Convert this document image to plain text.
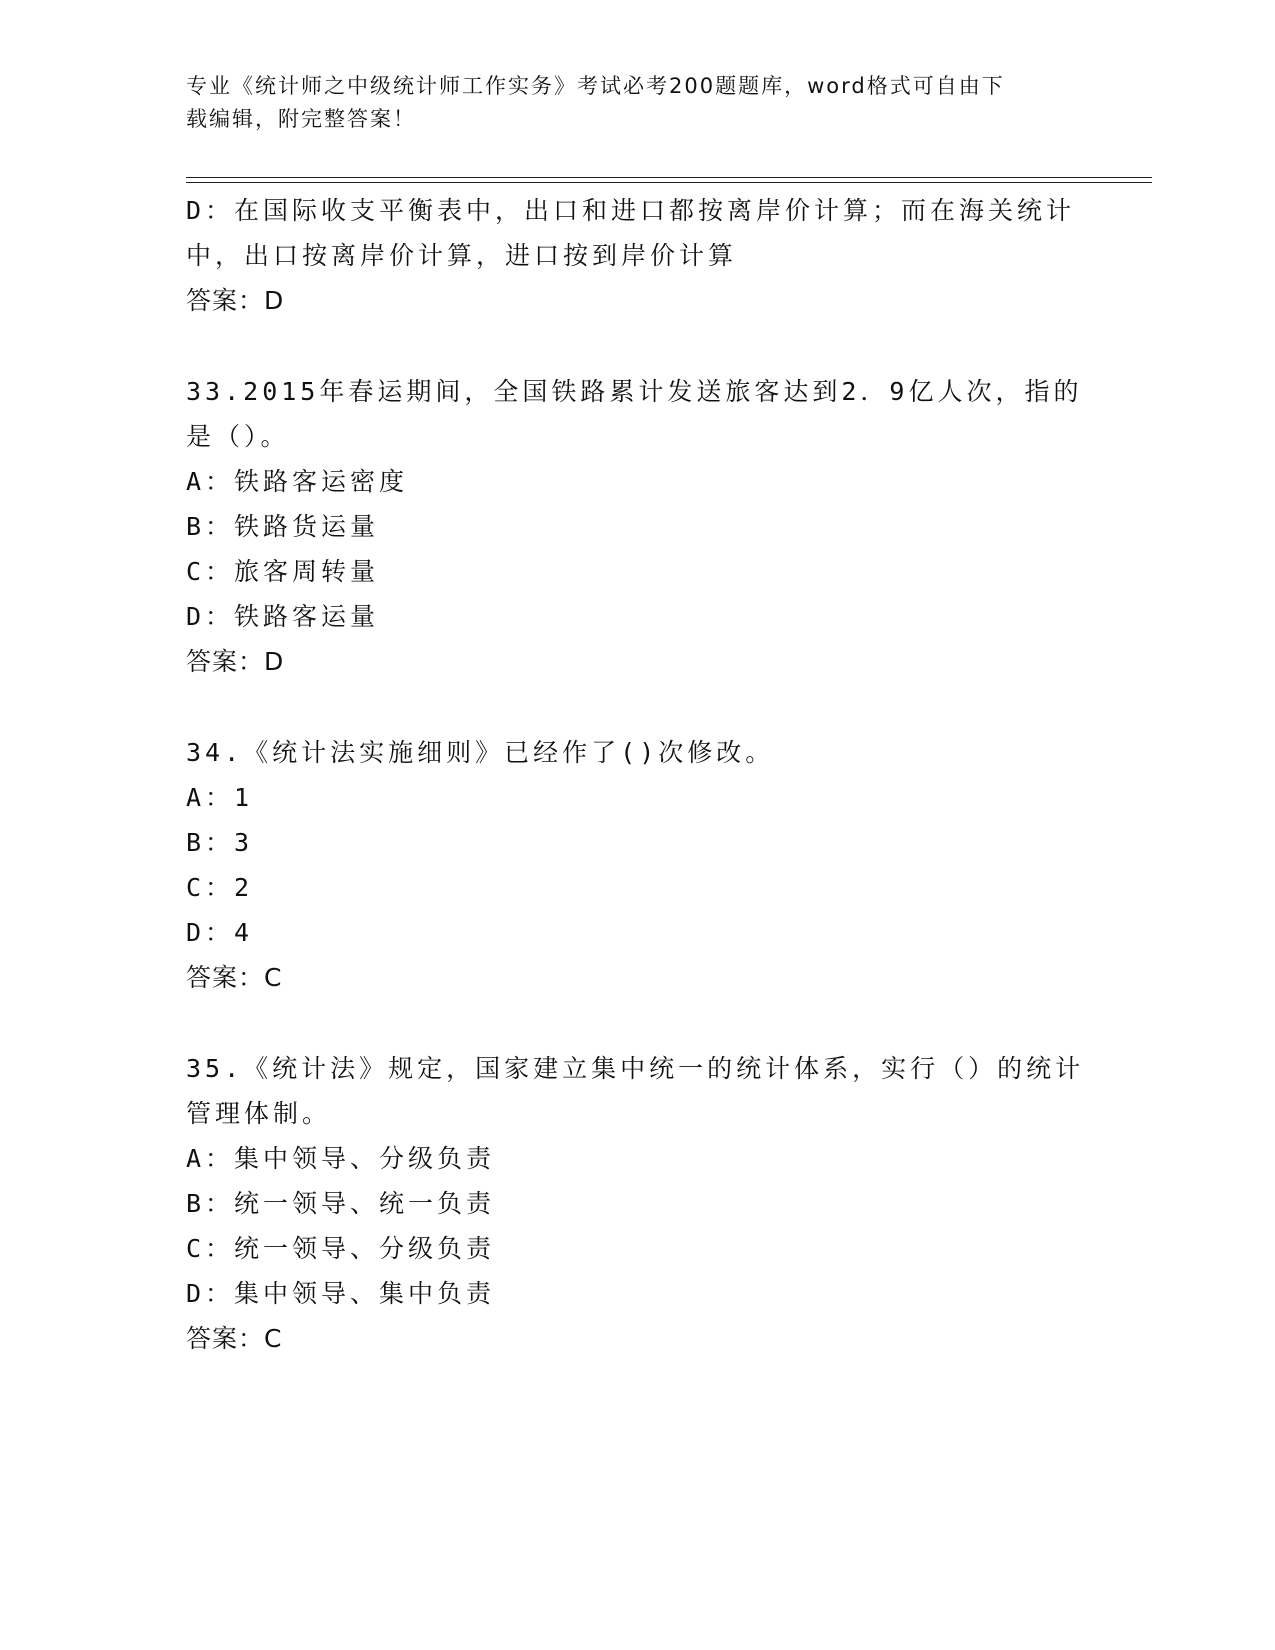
专业《统计师之中级统计师工作实务》考试必考200题题库，word格式可自由下
载编辑，附完整答案！
D：在国际收支平衡表中，出口和进口都按离岸价计算；而在海关统计
中，出口按离岸价计算，进口按到岸价计算
答案：D
33.2015年春运期间，全国铁路累计发送旅客达到2．9亿人次，指的
是（）。
A：铁路客运密度
B：铁路货运量
C：旅客周转量
D：铁路客运量
答案：D
34.《统计法实施细则》已经作了()次修改。
A：1
B：3
C：2
D：4
答案：C
35.《统计法》规定，国家建立集中统一的统计体系，实行（）的统计
管理体制。
A：集中领导、分级负责
B：统一领导、统一负责
C：统一领导、分级负责
D：集中领导、集中负责
答案：C
